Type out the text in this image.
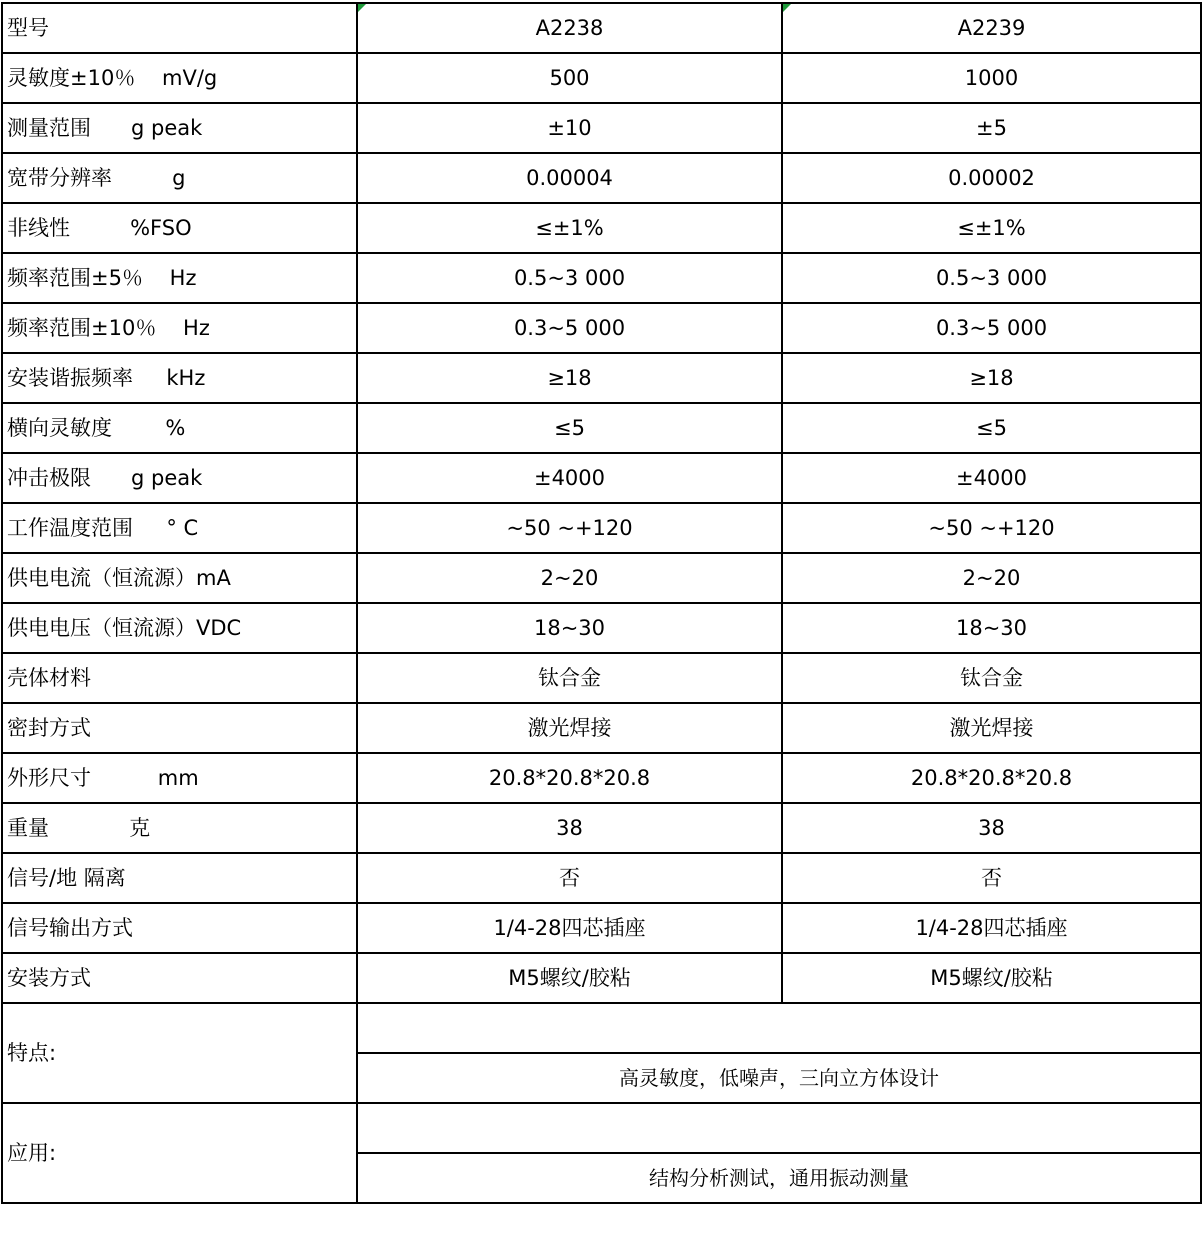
型号	A2238	A2239
灵敏度±10％    mV/g	500	1000
测量范围      g peak	±10	±5
宽带分辨率         g	0.00004	0.00002
非线性         %FSO	≤±1%	≤±1%
频率范围±5％    Hz	0.5~3 000	0.5~3 000
频率范围±10％    Hz	0.3~5 000	0.3~5 000
安装谐振频率     kHz	≥18	≥18
横向灵敏度        %	≤5	≤5
冲击极限      g peak	±4000	±4000
工作温度范围     ° C	~50 ~+120	~50 ~+120
供电电流（恒流源）mA	2~20	2~20
供电电压（恒流源）VDC	18~30	18~30
壳体材料	钛合金	钛合金
密封方式	激光焊接	激光焊接
外形尺寸          mm	20.8*20.8*20.8	20.8*20.8*20.8
重量            克	38	38
信号/地 隔离	否	否
信号输出方式	1/4-28四芯插座	1/4-28四芯插座
安装方式	M5螺纹/胶粘	M5螺纹/胶粘
特点:		
	高灵敏度，低噪声，三向立方体设计	
应用:		
	结构分析测试，通用振动测量	
